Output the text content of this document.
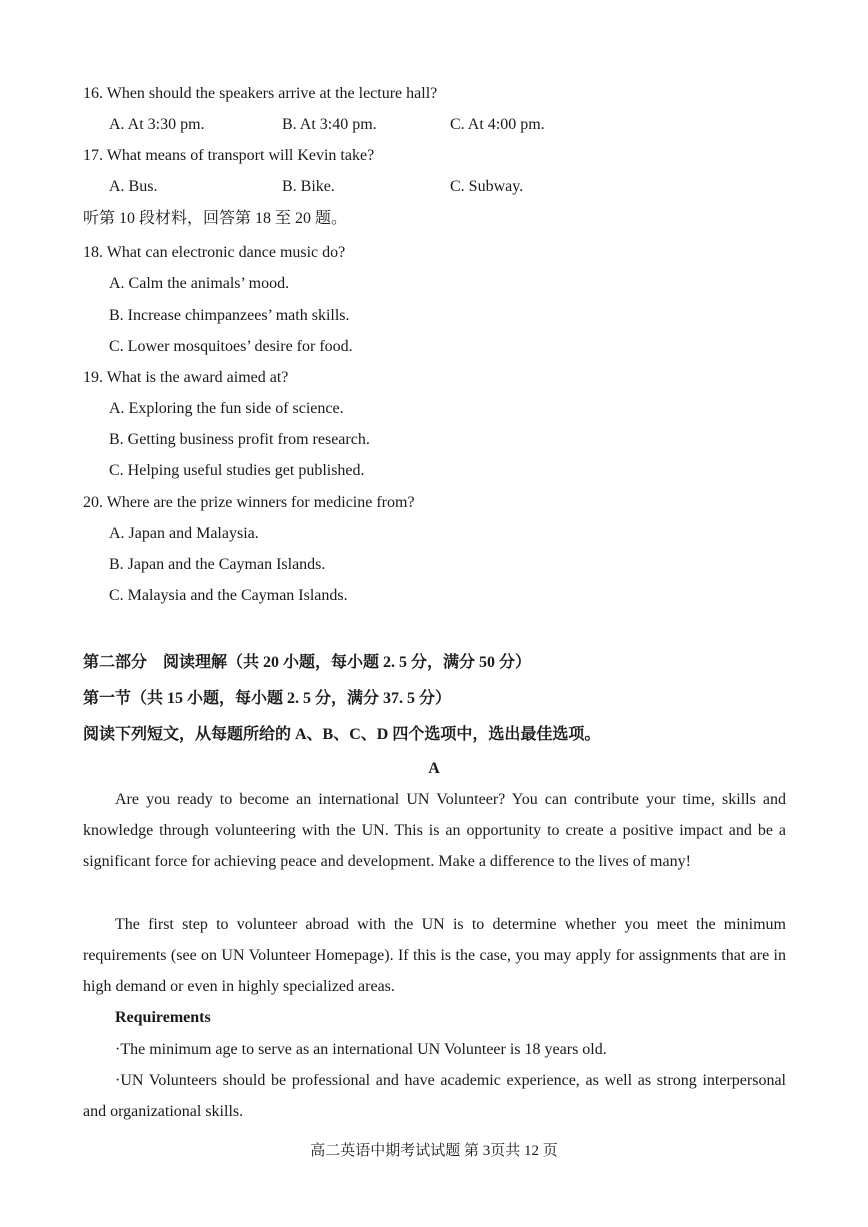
16. When should the speakers arrive at the lecture hall?
A. At 3:30 pm.	B. At 3:40 pm.	C. At 4:00 pm.
17. What means of transport will Kevin take?
A. Bus.	B. Bike.	C. Subway.
听第 10 段材料，回答第 18 至 20 题。
18. What can electronic dance music do?
A. Calm the animals’ mood.
B. Increase chimpanzees’ math skills.
C. Lower mosquitoes’ desire for food.
19. What is the award aimed at?
A. Exploring the fun side of science.
B. Getting business profit from research.
C. Helping useful studies get published.
20. Where are the prize winners for medicine from?
A. Japan and Malaysia.
B. Japan and the Cayman Islands.
C. Malaysia and the Cayman Islands.
第二部分　阅读理解（共 20 小题，每小题 2. 5 分，满分 50 分）
第一节（共 15 小题，每小题 2. 5 分，满分 37. 5 分）
阅读下列短文，从每题所给的 A、B、C、D 四个选项中，选出最佳选项。
A
Are you ready to become an international UN Volunteer? You can contribute your time, skills and knowledge through volunteering with the UN. This is an opportunity to create a positive impact and be a significant force for achieving peace and development. Make a difference to the lives of many!
The first step to volunteer abroad with the UN is to determine whether you meet the minimum requirements (see on UN Volunteer Homepage). If this is the case, you may apply for assignments that are in high demand or even in highly specialized areas.
Requirements
·The minimum age to serve as an international UN Volunteer is 18 years old.
·UN Volunteers should be professional and have academic experience, as well as strong interpersonal and organizational skills.
高二英语中期考试试题 第 3页共 12 页
